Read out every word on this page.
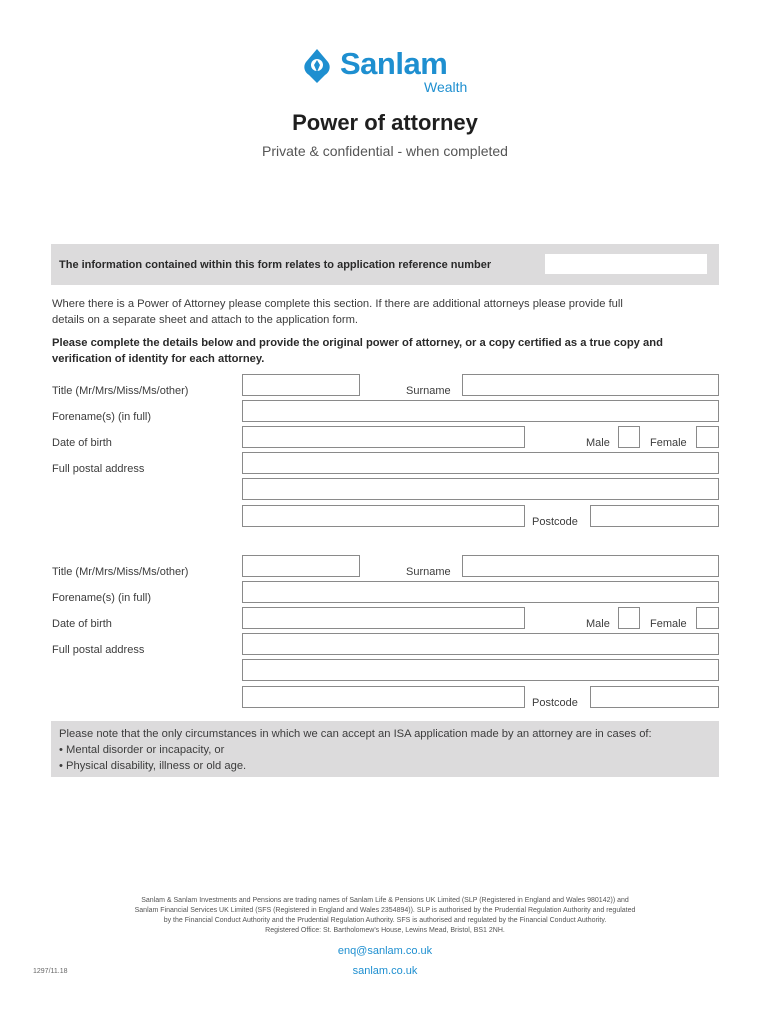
Sanlam
Wealth
Power of attorney
Private & confidential - when completed
The information contained within this form relates to application reference number
Where there is a Power of Attorney please complete this section. If there are additional attorneys please provide full
details on a separate sheet and attach to the application form.
Please complete the details below and provide the original power of attorney, or a copy certified as a true copy and
verification of identity for each attorney.
Title (Mr/Mrs/Miss/Ms/other)	Surname
Forename(s) (in full)
Date of birth	Male	Female
Full postal address
Postcode
Title (Mr/Mrs/Miss/Ms/other)	Surname
Forename(s) (in full)
Date of birth	Male	Female
Full postal address
Postcode
Please note that the only circumstances in which we can accept an ISA application made by an attorney are in cases of:
• Mental disorder or incapacity, or
• Physical disability, illness or old age.
Sanlam & Sanlam Investments and Pensions are trading names of Sanlam Life & Pensions UK Limited (SLP (Registered in England and Wales 980142)) and
Sanlam Financial Services UK Limited (SFS (Registered in England and Wales 2354894)). SLP is authorised by the Prudential Regulation Authority and regulated
by the Financial Conduct Authority and the Prudential Regulation Authority. SFS is authorised and regulated by the Financial Conduct Authority.
Registered Office: St. Bartholomew's House, Lewins Mead, Bristol, BS1 2NH.
enq@sanlam.co.uk
sanlam.co.uk
1297/11.18
